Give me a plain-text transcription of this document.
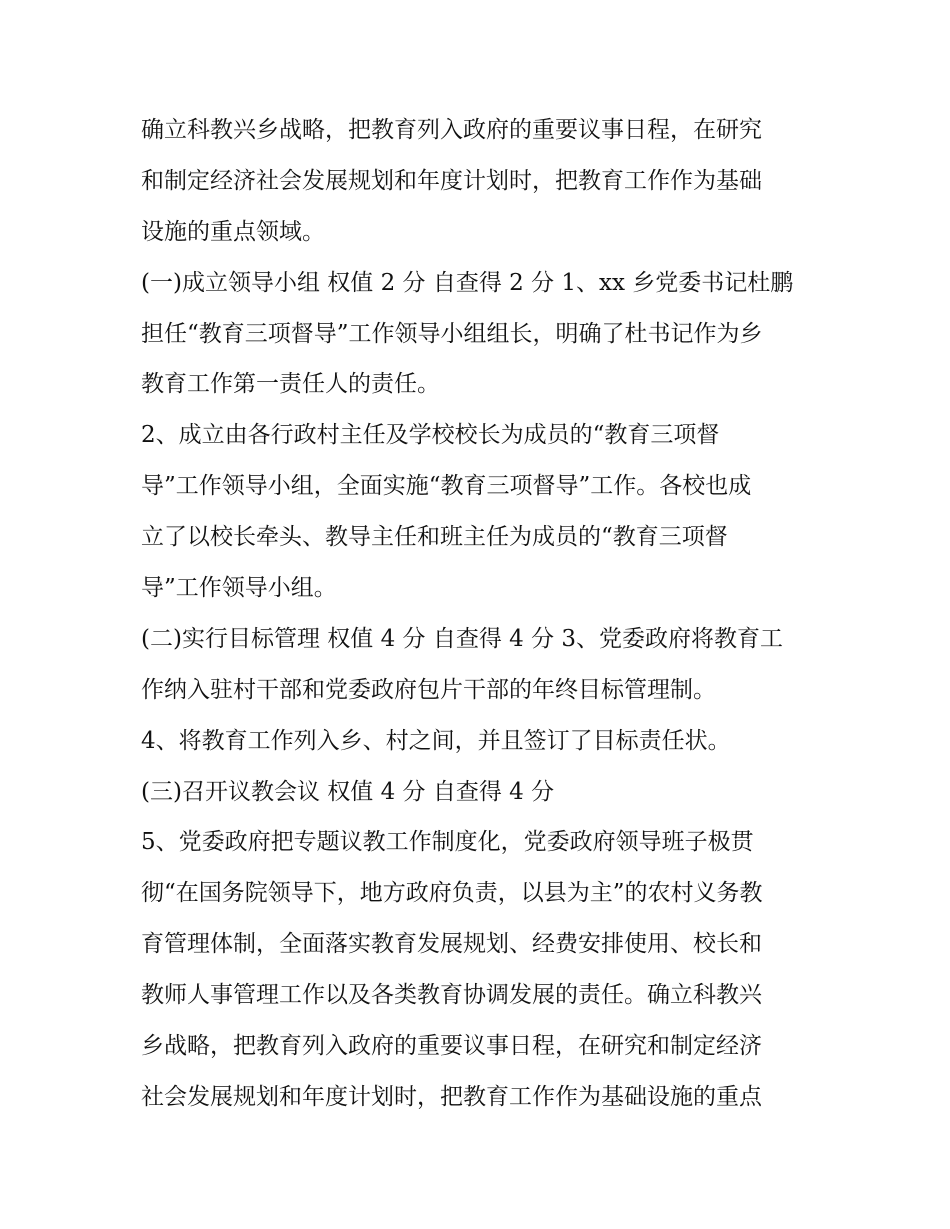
确立科教兴乡战略，把教育列入政府的重要议事日程，在研究
和制定经济社会发展规划和年度计划时，把教育工作作为基础
设施的重点领域。
(一)成立领导小组 权值 2 分 自查得 2 分 1、xx 乡党委书记杜鹏
担任“教育三项督导”工作领导小组组长，明确了杜书记作为乡
教育工作第一责任人的责任。
2、成立由各行政村主任及学校校长为成员的“教育三项督
导”工作领导小组，全面实施“教育三项督导”工作。各校也成
立了以校长牵头、教导主任和班主任为成员的“教育三项督
导”工作领导小组。
(二)实行目标管理 权值 4 分 自查得 4 分 3、党委政府将教育工
作纳入驻村干部和党委政府包片干部的年终目标管理制。
4、将教育工作列入乡、村之间，并且签订了目标责任状。
(三)召开议教会议 权值 4 分 自查得 4 分
5、党委政府把专题议教工作制度化，党委政府领导班子极贯
彻“在国务院领导下，地方政府负责，以县为主”的农村义务教
育管理体制，全面落实教育发展规划、经费安排使用、校长和
教师人事管理工作以及各类教育协调发展的责任。确立科教兴
乡战略，把教育列入政府的重要议事日程，在研究和制定经济
社会发展规划和年度计划时，把教育工作作为基础设施的重点
